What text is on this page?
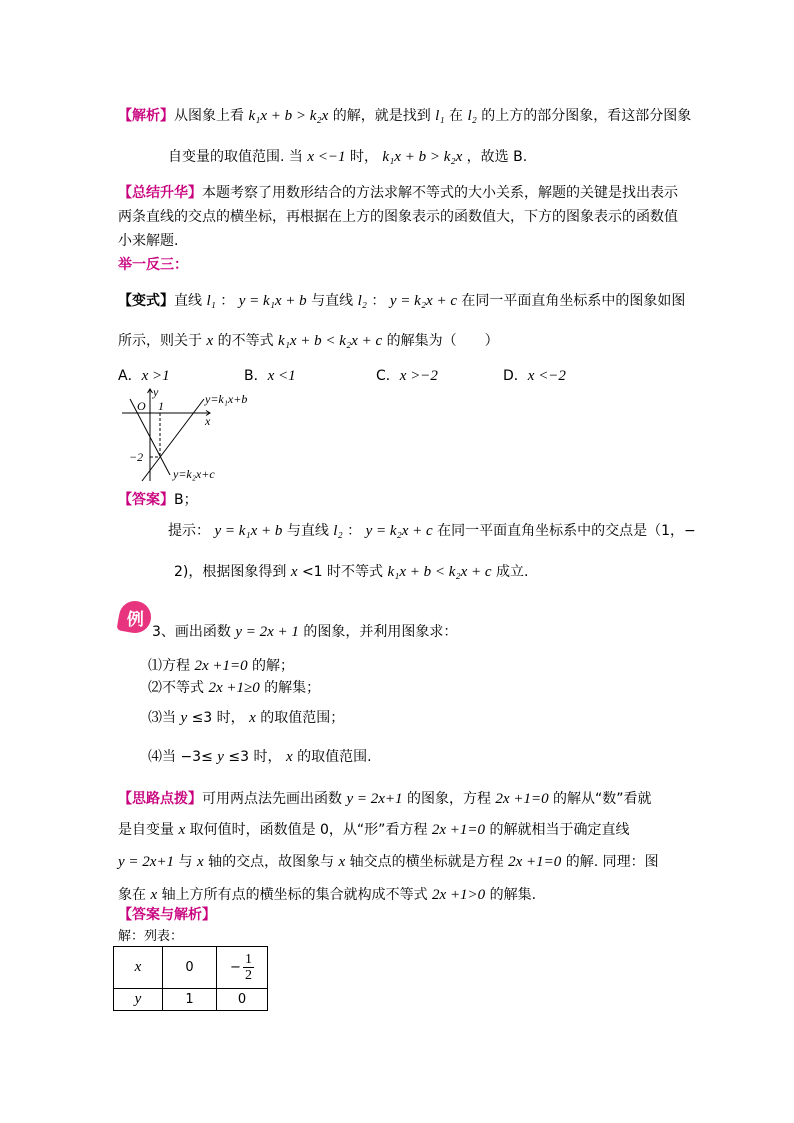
【解析】从图象上看 k₁x + b > k₂x 的解，就是找到 l₁ 在 l₂ 的上方的部分图象，看这部分图象
自变量的取值范围. 当 x <−1 时， k₁x + b > k₂x ，故选 B.
【总结升华】本题考察了用数形结合的方法求解不等式的大小关系，解题的关键是找出表示
两条直线的交点的横坐标，再根据在上方的图象表示的函数值大，下方的图象表示的函数值
小来解题.
举一反三：
【变式】直线 l₁ ： y = k₁x + b 与直线 l₂ ： y = k₂x + c 在同一平面直角坐标系中的图象如图
所示，则关于 x 的不等式 k₁x + b < k₂x + c 的解集为（　　）
A．x >1	B．x <1	C．x >−2	D．x <−2
y
O 1
x
−2
y=k₁x+b
y=k₂x+c
【答案】B；
提示： y = k₁x + b 与直线 l₂ ： y = k₂x + c 在同一平面直角坐标系中的交点是（1，−
2)，根据图象得到 x <1 时不等式 k₁x + b < k₂x + c 成立.
例
3、画出函数 y = 2x + 1 的图象，并利用图象求：
⑴方程 2x +1=0 的解；
⑵不等式 2x +1≥0 的解集；
⑶当 y ≤3 时， x 的取值范围；
⑷当 −3≤ y ≤3 时， x 的取值范围.
【思路点拨】可用两点法先画出函数 y = 2x+1 的图象，方程 2x +1=0 的解从“数”看就
是自变量 x 取何值时，函数值是 0，从“形”看方程 2x +1=0 的解就相当于确定直线
y = 2x+1 与 x 轴的交点，故图象与 x 轴交点的横坐标就是方程 2x +1=0 的解. 同理：图
象在 x 轴上方所有点的横坐标的集合就构成不等式 2x +1>0 的解集.
【答案与解析】
解：列表：
x	0	− $\frac{1}{2}$

y	1	0
